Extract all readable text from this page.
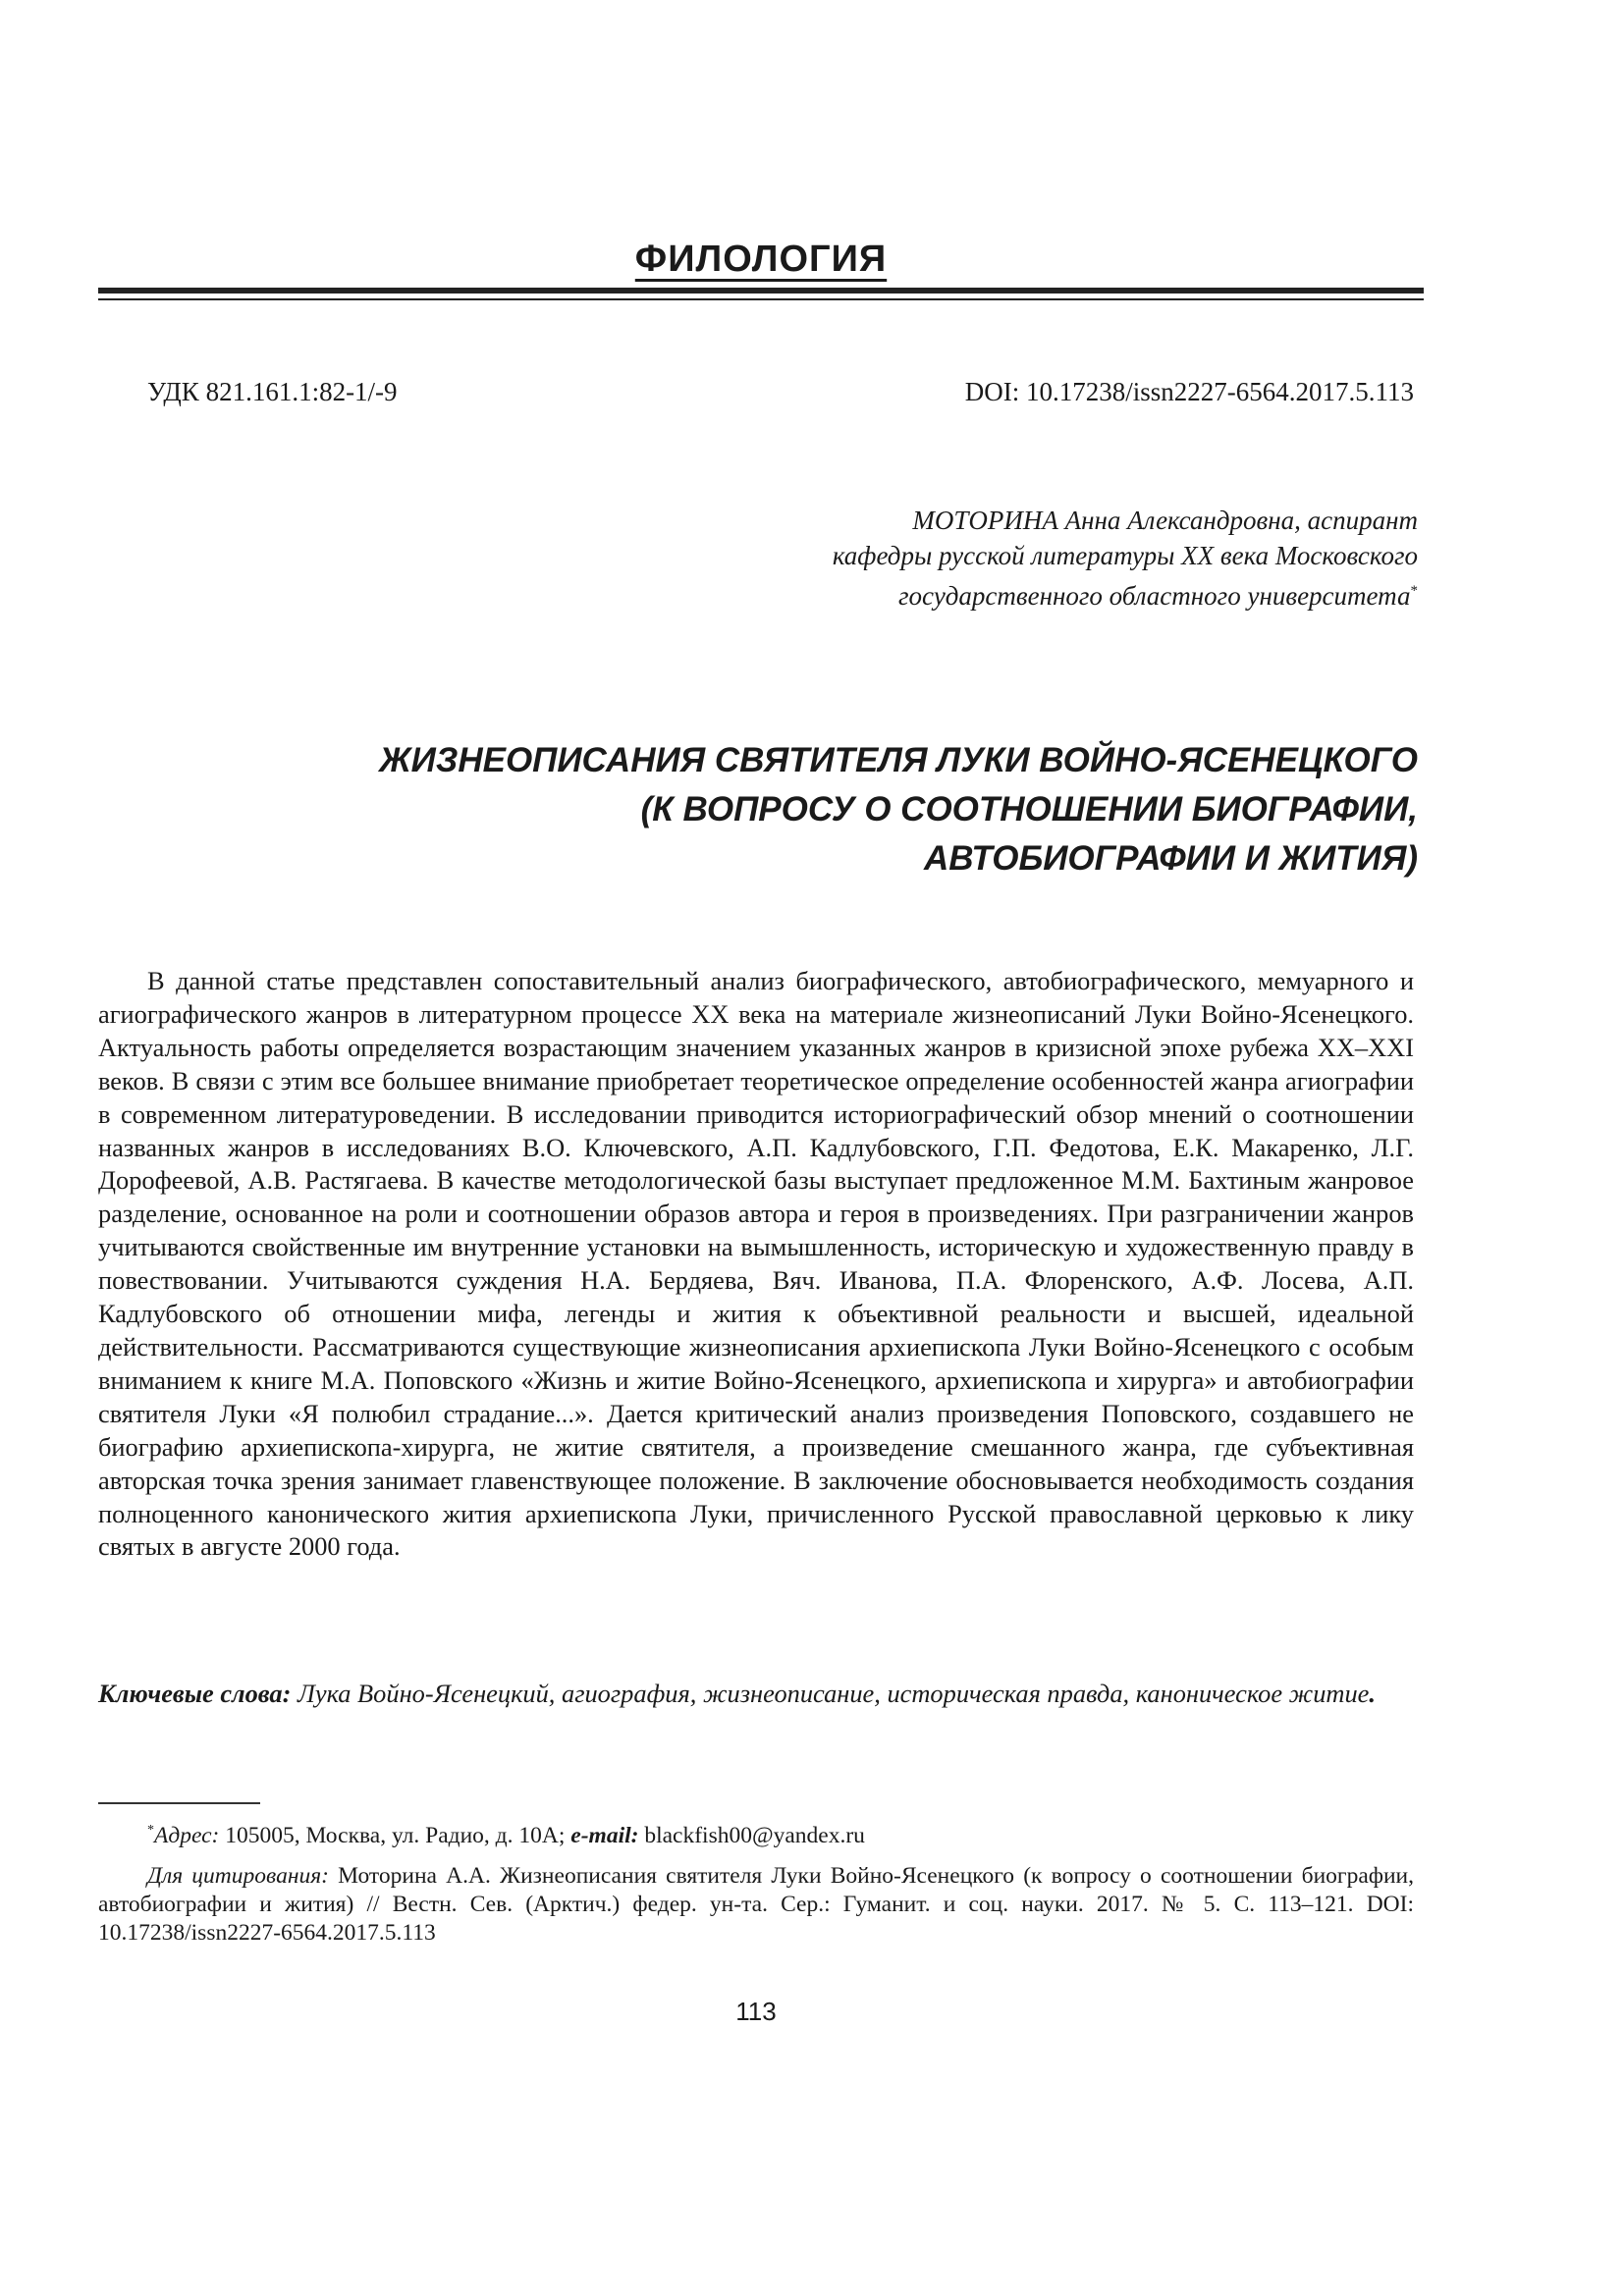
ФИЛОЛОГИЯ
УДК 821.161.1:82-1/-9	DOI: 10.17238/issn2227-6564.2017.5.113
МОТОРИНА Анна Александровна, аспирант
кафедры русской литературы XX века Московского
государственного областного университета*
ЖИЗНЕОПИСАНИЯ СВЯТИТЕЛЯ ЛУКИ ВОЙНО-ЯСЕНЕЦКОГО
(К ВОПРОСУ О СООТНОШЕНИИ БИОГРАФИИ,
АВТОБИОГРАФИИ И ЖИТИЯ)

В данной статье представлен сопоставительный анализ биографического, автобиографического, мемуарного и агиографического жанров в литературном процессе XX века на материале жизнеописаний Луки Войно-Ясенецкого. Актуальность работы определяется возрастающим значением указанных жанров в кризисной эпохе рубежа XX–XXI веков. В связи с этим все большее внимание приобретает теоретическое определение особенностей жанра агиографии в современном литературоведении. В исследовании приводится историографический обзор мнений о соотношении названных жанров в исследованиях В.О. Ключевского, А.П. Кадлубовского, Г.П. Федотова, Е.К. Макаренко, Л.Г. Дорофеевой, А.В. Растягаева. В качестве методологической базы выступает предложенное М.М. Бахтиным жанровое разделение, основанное на роли и соотношении образов автора и героя в произведениях. При разграничении жанров учитываются свойственные им внутренние установки на вымышленность, историческую и художественную правду в повествовании. Учитываются суждения Н.А. Бердяева, Вяч. Иванова, П.А. Флоренского, А.Ф. Лосева, А.П. Кадлубовского об отношении мифа, легенды и жития к объективной реальности и высшей, идеальной действительности. Рассматриваются существующие жизнеописания архиепископа Луки Войно-Ясенецкого с особым вниманием к книге М.А. Поповского «Жизнь и житие Войно-Ясенецкого, архиепископа и хирурга» и автобиографии святителя Луки «Я полюбил страдание...». Дается критический анализ произведения Поповского, создавшего не биографию архиепископа-хирурга, не житие святителя, а произведение смешанного жанра, где субъективная авторская точка зрения занимает главенствующее положение. В заключение обосновывается необходимость создания полноценного канонического жития архиепископа Луки, причисленного Русской православной церковью к лику святых в августе 2000 года.

Ключевые слова: Лука Войно-Ясенецкий, агиография, жизнеописание, историческая правда, каноническое житие.

*Адрес: 105005, Москва, ул. Радио, д. 10А; e-mail: blackfish00@yandex.ru

Для цитирования: Моторина А.А. Жизнеописания святителя Луки Войно-Ясенецкого (к вопросу о соотношении биографии, автобиографии и жития) // Вестн. Сев. (Арктич.) федер. ун-та. Сер.: Гуманит. и соц. науки. 2017. № 5. С. 113–121. DOI: 10.17238/issn2227-6564.2017.5.113

113
